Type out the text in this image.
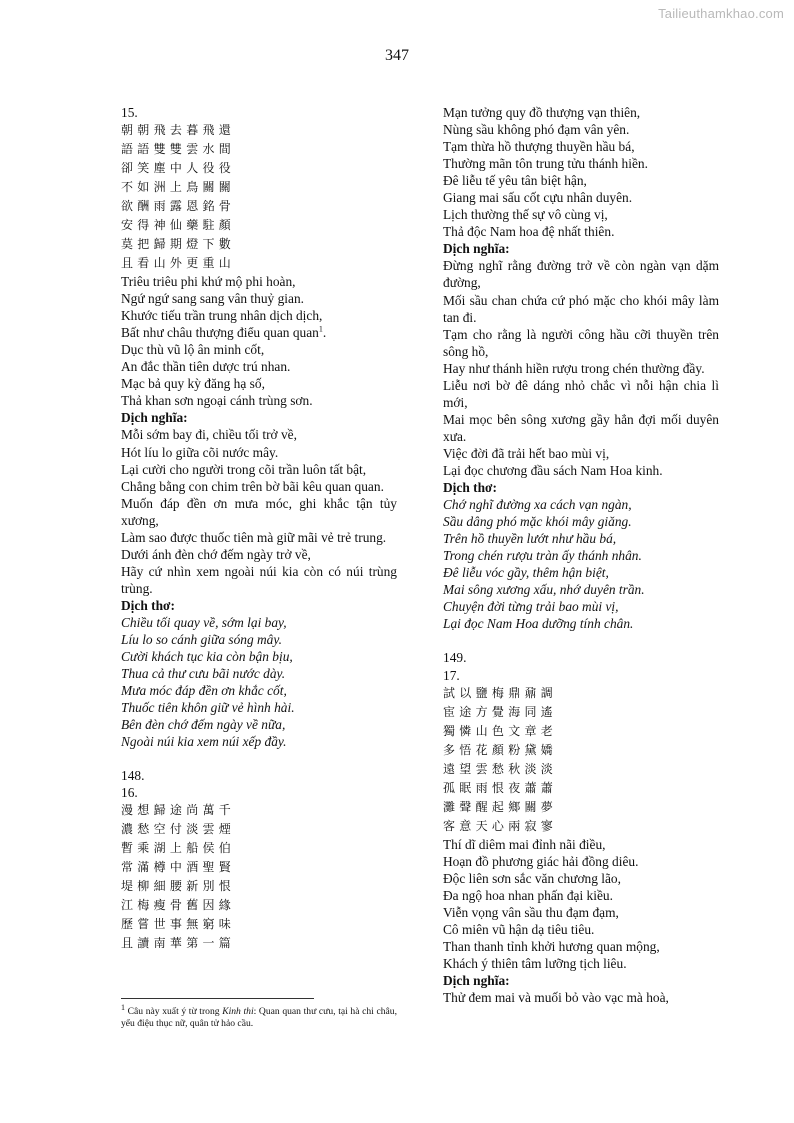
Tailieuthamkhao.com
347
15.
朝朝飛去暮飛還
語語雙雙雲水間
卻笑塵中人役役
不如洲上鳥關關
欲酬雨露恩銘骨
安得神仙藥駐顏
莫把歸期燈下數
且看山外更重山
Triêu triêu phi khứ mộ phi hoàn,
Ngứ ngứ sang sang vân thuỷ gian.
Khước tiếu trần trung nhân dịch dịch,
Bất như châu thượng điểu quan quan$^1$.
Dục thù vũ lộ ân minh cốt,
An đắc thần tiên dược trú nhan.
Mạc bả quy kỳ đăng hạ số,
Thả khan sơn ngoại cánh trùng sơn.
Dịch nghĩa:
Mỗi sớm bay đi, chiều tối trở về,
Hót líu lo giữa cõi nước mây.
Lại cười cho người trong cõi trần luôn tất bật,
Chẳng bằng con chim trên bờ bãi kêu quan quan.
Muốn đáp đền ơn mưa móc, ghi khắc tận tủy xương,
Làm sao được thuốc tiên mà giữ mãi vẻ trẻ trung.
Dưới ánh đèn chớ đếm ngày trở về,
Hãy cứ nhìn xem ngoài núi kia còn có núi trùng trùng.
Dịch thơ:
Chiều tối quay về, sớm lại bay,
Líu lo so cánh giữa sóng mây.
Cười khách tục kia còn bận bịu,
Thua cả thư cưu bãi nước dày.
Mưa móc đáp đền ơn khắc cốt,
Thuốc tiên khôn giữ vẻ hình hài.
Bên đèn chớ đếm ngày về nữa,
Ngoài núi kia xem núi xếp đầy.
148.
16.
漫想歸途尚萬千
濃愁空付淡雲煙
暫乘湖上船侯伯
常滿樽中酒聖賢
堤柳細腰新別恨
江梅瘦骨舊因緣
歷嘗世事無窮味
且讀南華第一篇
Mạn tưởng quy đồ thượng vạn thiên,
Nùng sầu không phó đạm vân yên.
Tạm thừa hồ thượng thuyền hầu bá,
Thường mãn tôn trung tửu thánh hiền.
Đê liễu tế yêu tân biệt hận,
Giang mai sấu cốt cựu nhân duyên.
Lịch thường thế sự vô cùng vị,
Thả độc Nam hoa đệ nhất thiên.
Dịch nghĩa:
Đừng nghĩ rằng đường trở về còn ngàn vạn dặm đường,
Mối sầu chan chứa cứ phó mặc cho khói mây làm tan đi.
Tạm cho rằng là người công hầu cỡi thuyền trên sông hồ,
Hay như thánh hiền rượu trong chén thường đầy.
Liễu nơi bờ đê dáng nhỏ chắc vì nỗi hận chia lì mới,
Mai mọc bên sông xương gầy hẳn đợi mối duyên xưa.
Việc đời đã trải hết bao mùi vị,
Lại đọc chương đầu sách Nam Hoa kinh.
Dịch thơ:
Chớ nghĩ đường xa cách vạn ngàn,
Sầu dâng phó mặc khói mây giăng.
Trên hồ thuyền lướt như hầu bá,
Trong chén rượu tràn ấy thánh nhân.
Đê liễu vóc gầy, thêm hận biệt,
Mai sông xương xấu, nhớ duyên trần.
Chuyện đời từng trải bao mùi vị,
Lại đọc Nam Hoa dưỡng tính chân.
149.
17.
試以鹽梅鼎鼐調
宦途方覺海同遙
獨憐山色文章老
多悟花顏粉黛嬌
遠望雲愁秋淡淡
孤眠雨恨夜蕭蕭
灘聲醒起鄉關夢
客意天心兩寂寥
Thí dĩ diêm mai đỉnh nãi điều,
Hoạn đồ phương giác hải đồng diêu.
Độc liên sơn sắc văn chương lão,
Đa ngộ hoa nhan phấn đại kiều.
Viễn vọng vân sầu thu đạm đạm,
Cô miên vũ hận dạ tiêu tiêu.
Than thanh tỉnh khởi hương quan mộng,
Khách ý thiên tâm lưỡng tịch liêu.
Dịch nghĩa:
Thử đem mai và muối bỏ vào vạc mà hoà,
$^1$ Câu này xuất ý từ trong Kinh thi: Quan quan thư cưu, tại hà chi châu, yểu điệu thục nữ, quân tử hảo cầu.
